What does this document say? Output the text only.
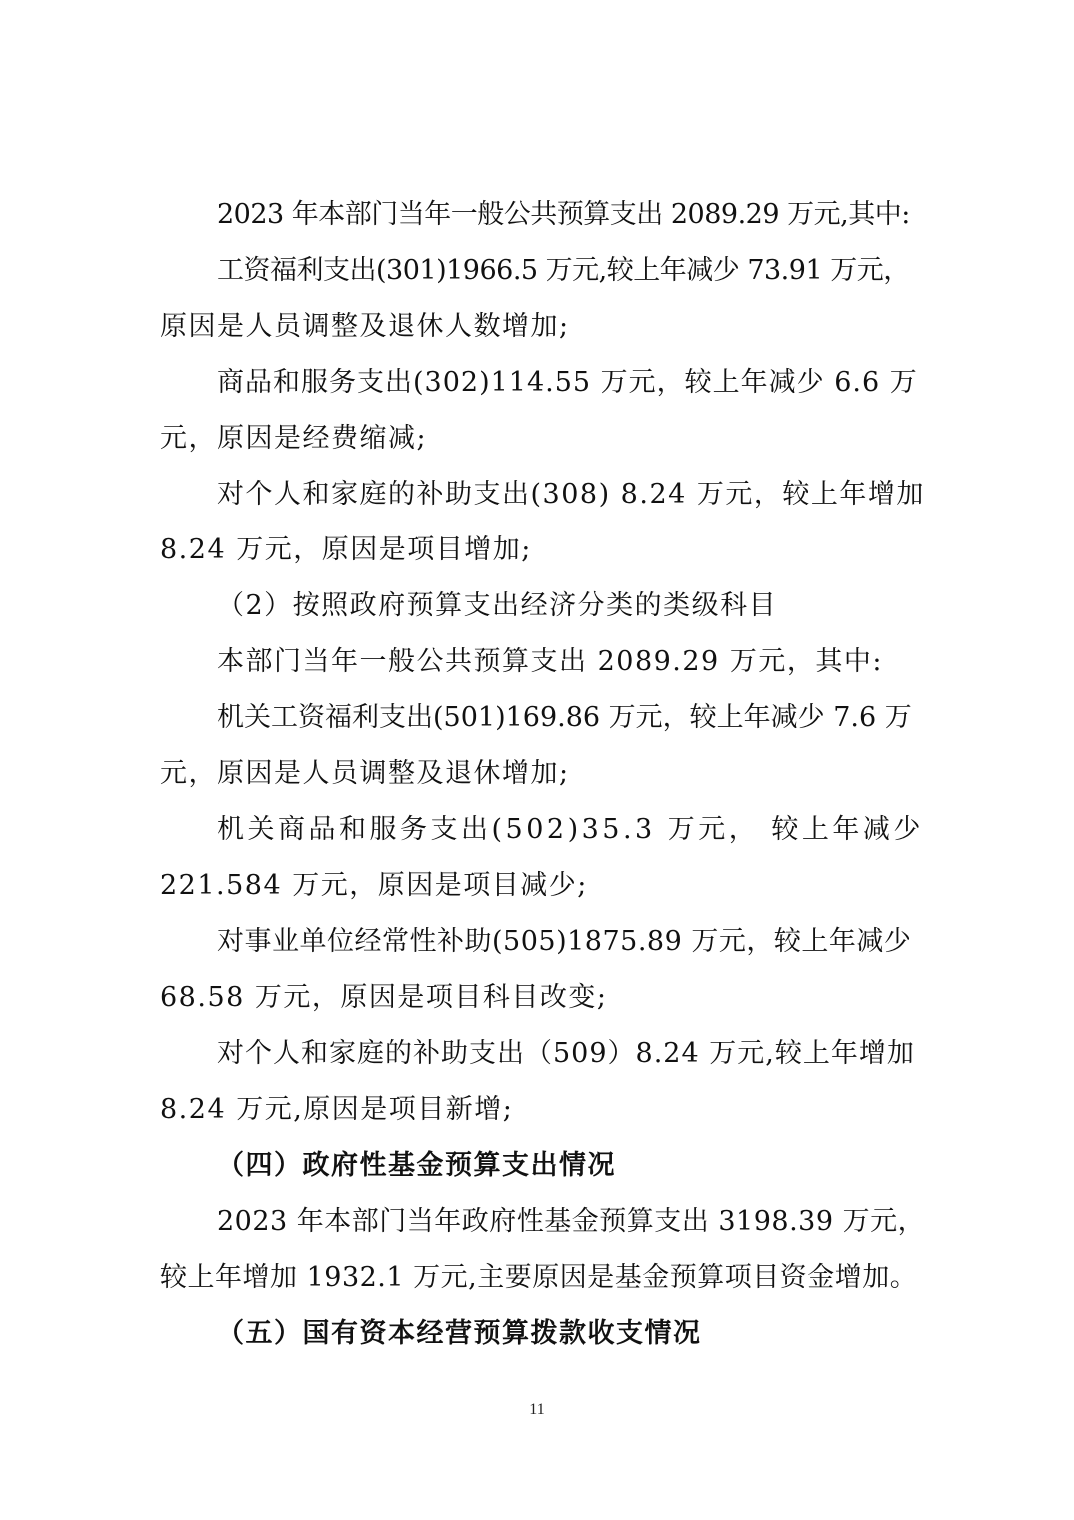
2023 年本部门当年一般公共预算支出 2089.29 万元,其中:
工资福利支出(301)1966.5 万元,较上年减少 73.91 万元，
原因是人员调整及退休人数增加;
商品和服务支出(302)114.55 万元，较上年减少 6.6 万
元，原因是经费缩减;
对个人和家庭的补助支出(308) 8.24 万元，较上年增加
8.24 万元，原因是项目增加;
（2）按照政府预算支出经济分类的类级科目
本部门当年一般公共预算支出 2089.29 万元，其中:
机关工资福利支出(501)169.86 万元，较上年减少 7.6 万
元，原因是人员调整及退休增加;
机关商品和服务支出(502)35.3 万元， 较上年减少
221.584 万元，原因是项目减少;
对事业单位经常性补助(505)1875.89 万元，较上年减少
68.58 万元，原因是项目科目改变;
对个人和家庭的补助支出（509）8.24 万元,较上年增加
8.24 万元,原因是项目新增;
（四）政府性基金预算支出情况
2023 年本部门当年政府性基金预算支出 3198.39 万元，
较上年增加 1932.1 万元,主要原因是基金预算项目资金增加。
（五）国有资本经营预算拨款收支情况
11
